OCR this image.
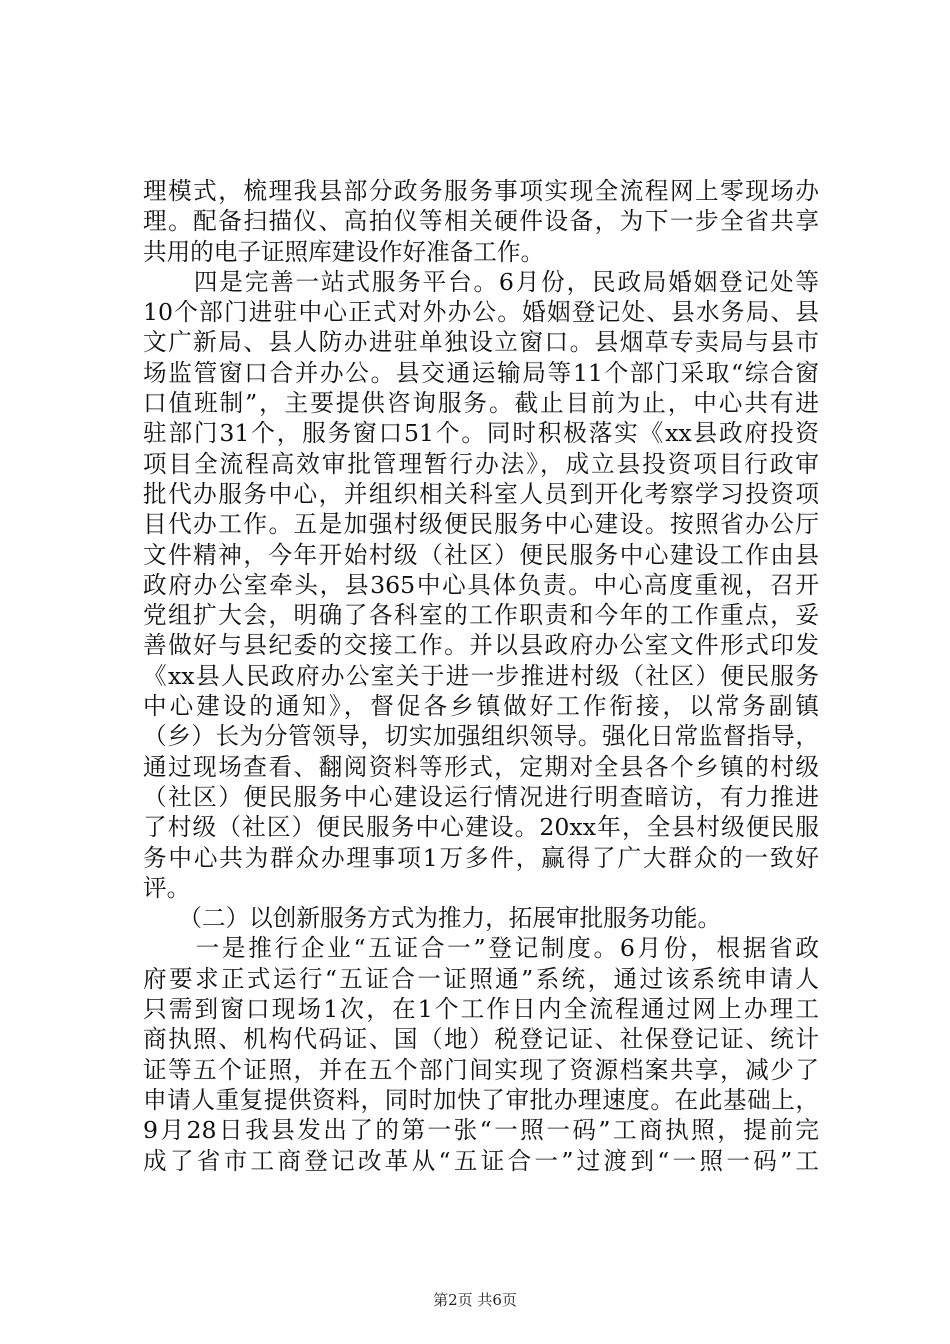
理模式，梳理我县部分政务服务事项实现全流程网上零现场办
理。配备扫描仪、高拍仪等相关硬件设备，为下一步全省共享
共用的电子证照库建设作好准备工作。
　　四是完善一站式服务平台。6月份，民政局婚姻登记处等
10个部门进驻中心正式对外办公。婚姻登记处、县水务局、县
文广新局、县人防办进驻单独设立窗口。县烟草专卖局与县市
场监管窗口合并办公。县交通运输局等11个部门采取“综合窗
口值班制”，主要提供咨询服务。截止目前为止，中心共有进
驻部门31个，服务窗口51个。同时积极落实《xx县政府投资
项目全流程高效审批管理暂行办法》，成立县投资项目行政审
批代办服务中心，并组织相关科室人员到开化考察学习投资项
目代办工作。五是加强村级便民服务中心建设。按照省办公厅
文件精神，今年开始村级（社区）便民服务中心建设工作由县
政府办公室牵头，县365中心具体负责。中心高度重视，召开
党组扩大会，明确了各科室的工作职责和今年的工作重点，妥
善做好与县纪委的交接工作。并以县政府办公室文件形式印发
《xx县人民政府办公室关于进一步推进村级（社区）便民服务
中心建设的通知》，督促各乡镇做好工作衔接，以常务副镇
（乡）长为分管领导，切实加强组织领导。强化日常监督指导，
通过现场查看、翻阅资料等形式，定期对全县各个乡镇的村级
（社区）便民服务中心建设运行情况进行明查暗访，有力推进
了村级（社区）便民服务中心建设。20xx年，全县村级便民服
务中心共为群众办理事项1万多件，赢得了广大群众的一致好
评。
　　（二）以创新服务方式为推力，拓展审批服务功能。
　　一是推行企业“五证合一”登记制度。6月份，根据省政
府要求正式运行“五证合一证照通”系统，通过该系统申请人
只需到窗口现场1次，在1个工作日内全流程通过网上办理工
商执照、机构代码证、国（地）税登记证、社保登记证、统计
证等五个证照，并在五个部门间实现了资源档案共享，减少了
申请人重复提供资料，同时加快了审批办理速度。在此基础上，
9月28日我县发出了的第一张“一照一码”工商执照，提前完
成了省市工商登记改革从“五证合一”过渡到“一照一码”工
第2页 共6页
